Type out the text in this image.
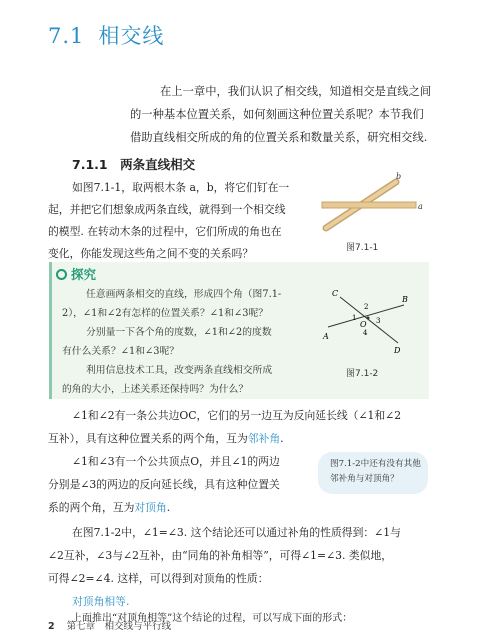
7.1 相交线
在上一章中，我们认识了相交线，知道相交是直线之间
的一种基本位置关系，如何刻画这种位置关系呢？本节我们
借助直线相交所成的角的位置关系和数量关系，研究相交线.
7.1.1　两条直线相交
如图7.1-1，取两根木条 a，b，将它们钉在一
起，并把它们想象成两条直线，就得到一个相交线
的模型. 在转动木条的过程中，它们所成的角也在
变化，你能发现这些角之间不变的关系吗？
a
b
图7.1-1
探究
任意画两条相交的直线，形成四个角（图7.1-
2），∠1和∠2有怎样的位置关系？∠1和∠3呢？
分别量一下各个角的度数，∠1和∠2的度数
有什么关系？∠1和∠3呢？
利用信息技术工具，改变两条直线相交所成
的角的大小，上述关系还保持吗？为什么？
C
B
A
D
O
1
2
3
4
图7.1-2
∠1和∠2有一条公共边OC，它们的另一边互为反向延长线（∠1和∠2
互补），具有这种位置关系的两个角，互为邻补角.
∠1和∠3有一个公共顶点O，并且∠1的两边
分别是∠3的两边的反向延长线，具有这种位置关
系的两个角，互为对顶角.
图7.1-2中还有没有其他邻补角与对顶角？
在图7.1-2中，∠1=∠3. 这个结论还可以通过补角的性质得到：∠1与
∠2互补，∠3与∠2互补，由“同角的补角相等”，可得∠1=∠3. 类似地，
可得∠2=∠4. 这样，可以得到对顶角的性质：
对顶角相等.
上面推出“对顶角相等”这个结论的过程，可以写成下面的形式：
2 第七章　相交线与平行线
